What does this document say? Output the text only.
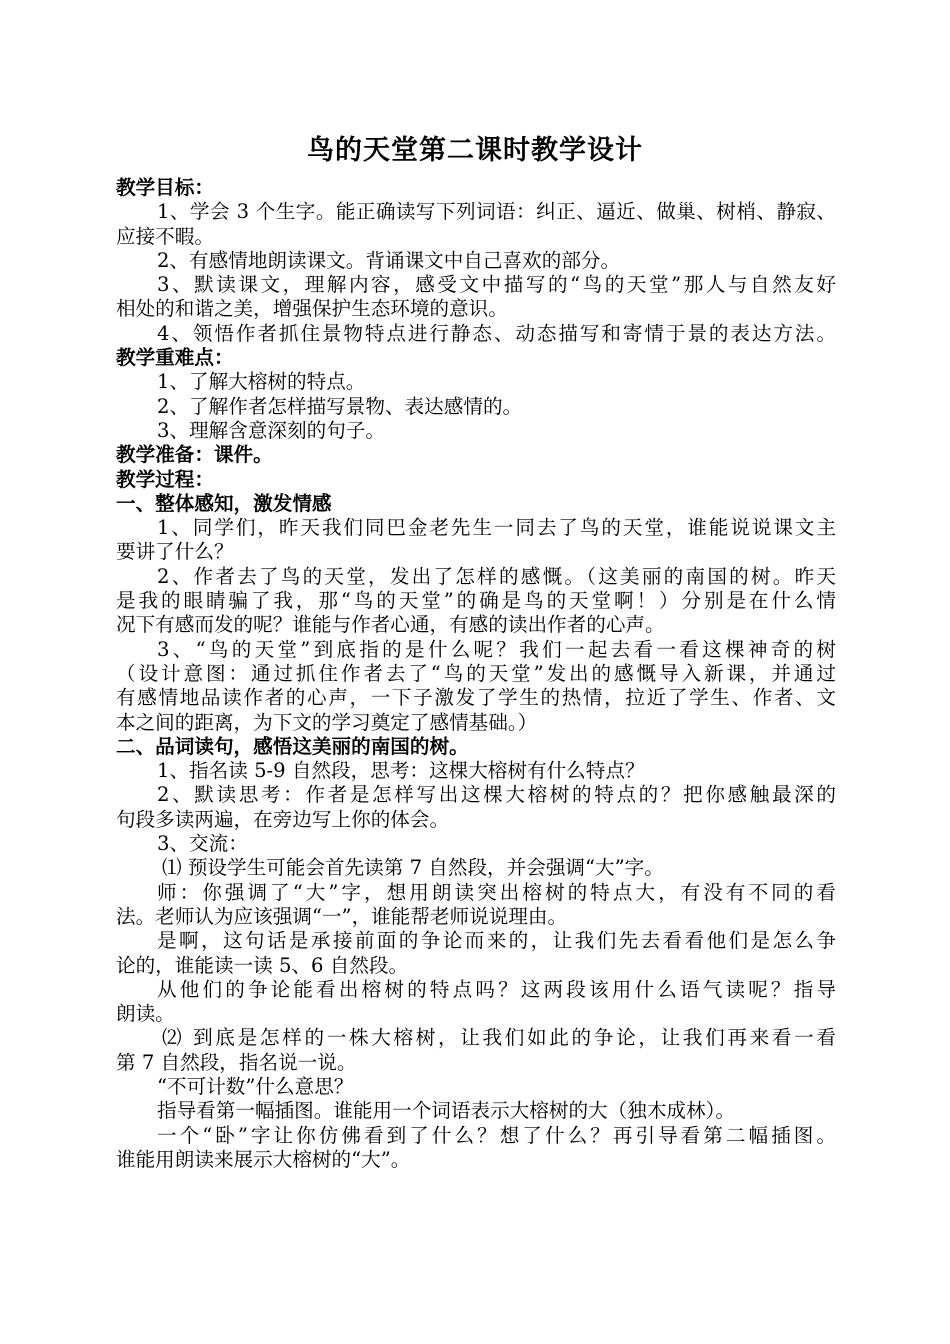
鸟的天堂第二课时教学设计
教学目标：
1、学会 3 个生字。能正确读写下列词语：纠正、逼近、做巢、树梢、静寂、
应接不暇。
2、有感情地朗读课文。背诵课文中自己喜欢的部分。
3、默读课文，理解内容，感受文中描写的“鸟的天堂”那人与自然友好
相处的和谐之美，增强保护生态环境的意识。
4、领悟作者抓住景物特点进行静态、动态描写和寄情于景的表达方法。
教学重难点：
1、了解大榕树的特点。
2、了解作者怎样描写景物、表达感情的。
3、理解含意深刻的句子。
教学准备：课件。
教学过程：
一、整体感知，激发情感
1、同学们，昨天我们同巴金老先生一同去了鸟的天堂，谁能说说课文主
要讲了什么？
2、作者去了鸟的天堂，发出了怎样的感慨。（这美丽的南国的树。昨天
是我的眼睛骗了我，那“鸟的天堂”的确是鸟的天堂啊！）分别是在什么情
况下有感而发的呢？谁能与作者心通，有感的读出作者的心声。
3、“鸟的天堂”到底指的是什么呢？我们一起去看一看这棵神奇的树
（设计意图：通过抓住作者去了“鸟的天堂”发出的感慨导入新课，并通过
有感情地品读作者的心声，一下子激发了学生的热情，拉近了学生、作者、文
本之间的距离，为下文的学习奠定了感情基础。）
二、品词读句，感悟这美丽的南国的树。
1、指名读 5-9 自然段，思考：这棵大榕树有什么特点？
2、默读思考：作者是怎样写出这棵大榕树的特点的？把你感触最深的
句段多读两遍，在旁边写上你的体会。
3、交流：
⑴ 预设学生可能会首先读第 7 自然段，并会强调“大”字。
师：你强调了“大”字，想用朗读突出榕树的特点大，有没有不同的看
法。老师认为应该强调“一”，谁能帮老师说说理由。
是啊，这句话是承接前面的争论而来的，让我们先去看看他们是怎么争
论的，谁能读一读 5、6 自然段。
从他们的争论能看出榕树的特点吗？这两段该用什么语气读呢？指导
朗读。
⑵ 到底是怎样的一株大榕树，让我们如此的争论，让我们再来看一看
第 7 自然段，指名说一说。
“不可计数”什么意思？
指导看第一幅插图。谁能用一个词语表示大榕树的大（独木成林）。
一个“卧”字让你仿佛看到了什么？想了什么？再引导看第二幅插图。
谁能用朗读来展示大榕树的“大”。
